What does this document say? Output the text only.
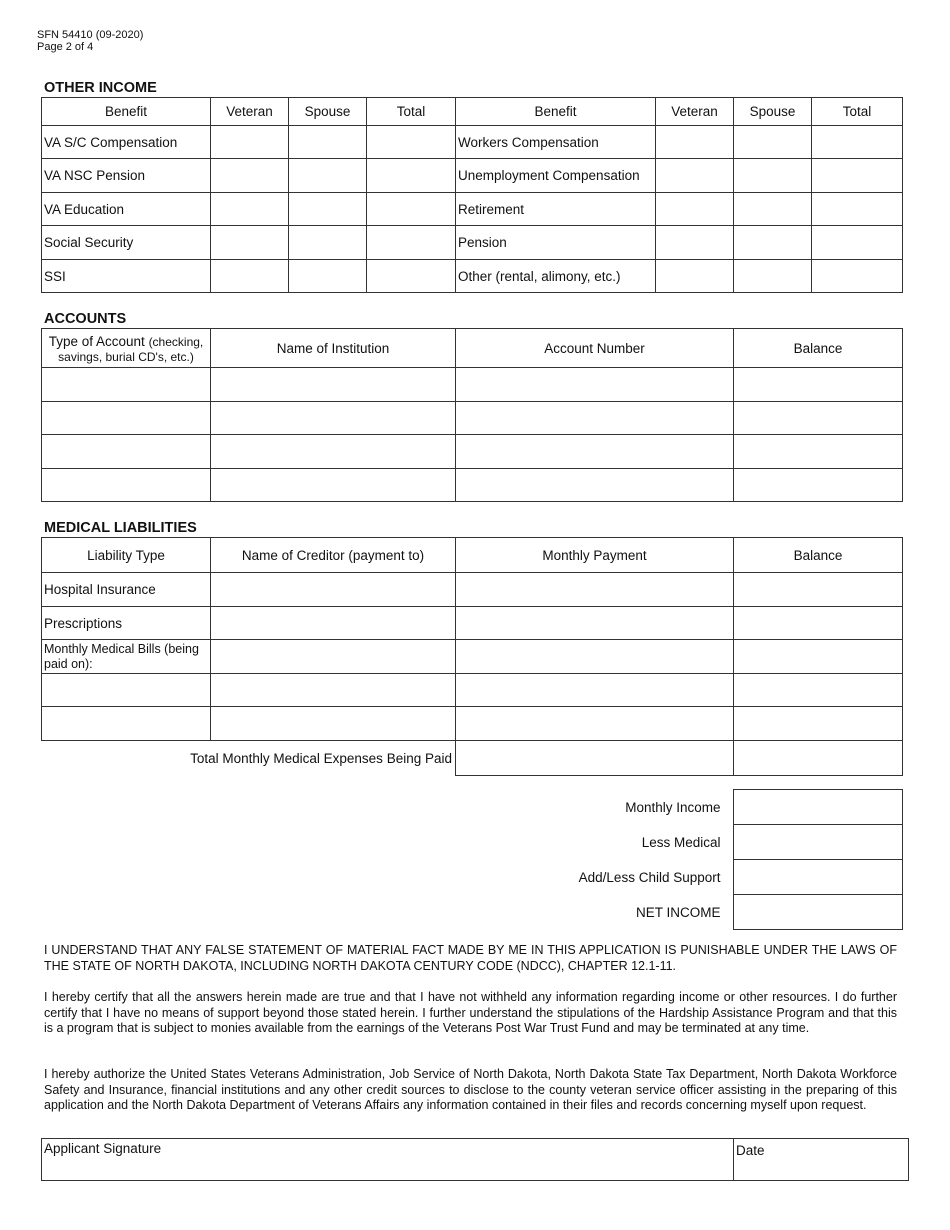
SFN 54410 (09-2020)
Page 2 of 4
OTHER INCOME
Benefit	Veteran	Spouse	Total	Benefit	Veteran	Spouse	Total
VA S/C Compensation				Workers Compensation			
VA NSC Pension				Unemployment Compensation			
VA Education				Retirement			
Social Security				Pension			
SSI				Other (rental, alimony, etc.)			
ACCOUNTS
Type of Account (checking, savings, burial CD's, etc.)	Name of Institution	Account Number	Balance

MEDICAL LIABILITIES
Liability Type	Name of Creditor (payment to)	Monthly Payment	Balance
Hospital Insurance			
Prescriptions			
Monthly Medical Bills (being paid on):			

Total Monthly Medical Expenses Being Paid			
Monthly Income	
Less Medical	
Add/Less Child Support	
NET INCOME	

I UNDERSTAND THAT ANY FALSE STATEMENT OF MATERIAL FACT MADE BY ME IN THIS APPLICATION IS PUNISHABLE UNDER THE LAWS OF THE STATE OF NORTH DAKOTA, INCLUDING NORTH DAKOTA CENTURY CODE (NDCC), CHAPTER 12.1-11.

I hereby certify that all the answers herein made are true and that I have not withheld any information regarding income or other resources. I do further certify that I have no means of support beyond those stated herein. I further understand the stipulations of the Hardship Assistance Program and that this is a program that is subject to monies available from the earnings of the Veterans Post War Trust Fund and may be terminated at any time.

I hereby authorize the United States Veterans Administration, Job Service of North Dakota, North Dakota State Tax Department, North Dakota Workforce Safety and Insurance, financial institutions and any other credit sources to disclose to the county veteran service officer assisting in the preparing of this application and the North Dakota Department of Veterans Affairs any information contained in their files and records concerning myself upon request.

Applicant Signature	Date
